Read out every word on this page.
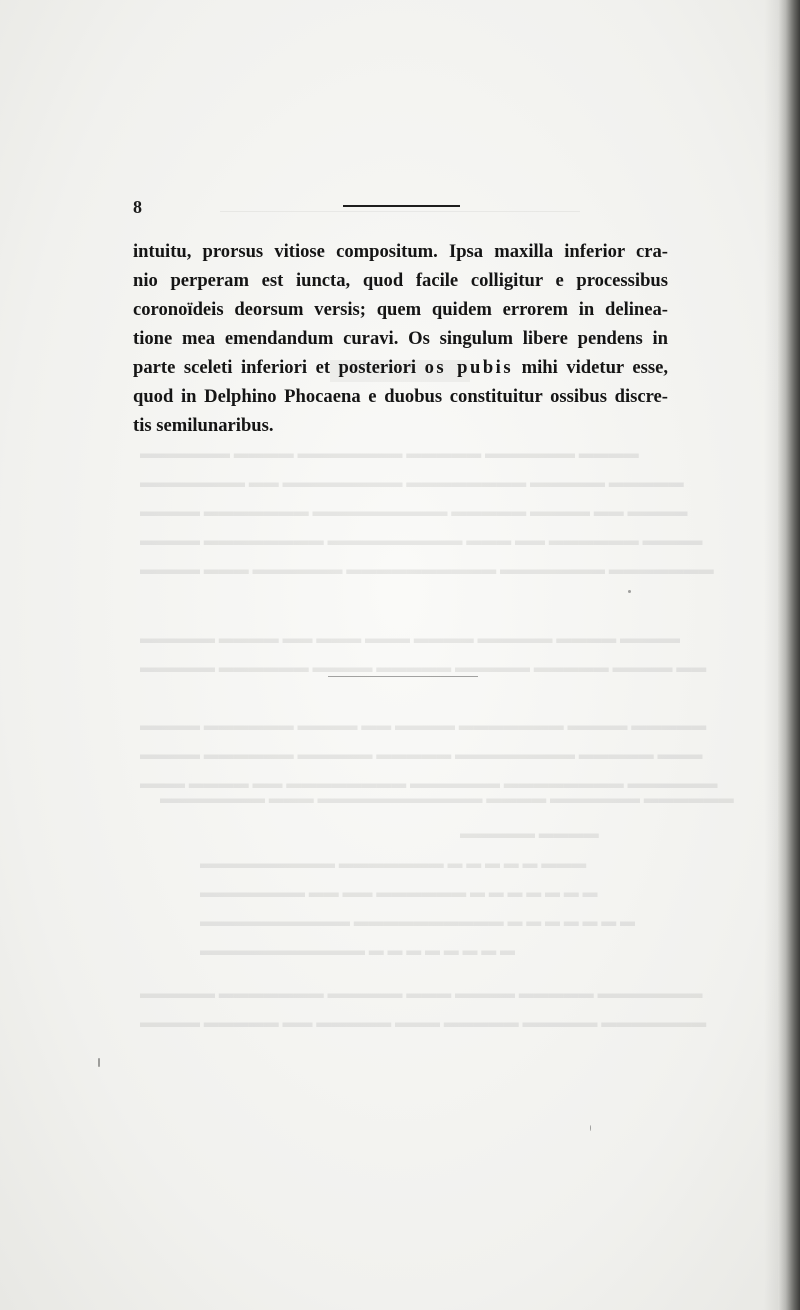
▬▬▬▬ ▬▬▬▬▬▬ ▬▬▬▬▬ ▬▬▬▬▬▬▬ ▬▬▬▬ ▬▬▬▬▬▬
▬▬▬▬▬ ▬▬▬▬▬ ▬▬▬▬▬▬▬▬ ▬▬▬▬▬▬▬▬ ▬▬ ▬▬▬▬▬▬▬
▬▬▬▬ ▬▬ ▬▬▬▬ ▬▬▬▬▬ ▬▬▬▬▬▬▬▬▬ ▬▬▬▬▬▬▬ ▬▬▬▬
▬▬▬▬ ▬▬▬▬▬▬ ▬▬ ▬▬▬ ▬▬▬▬▬▬▬▬▬ ▬▬▬▬▬▬▬▬ ▬▬▬▬
▬▬▬▬▬▬▬ ▬▬▬▬▬▬▬ ▬▬▬▬▬▬▬▬▬▬ ▬▬▬▬▬▬ ▬▬▬ ▬▬▬▬
▬▬▬▬ ▬▬▬▬ ▬▬▬▬▬ ▬▬▬▬ ▬▬▬ ▬▬▬ ▬▬ ▬▬▬▬ ▬▬▬▬▬
▬▬ ▬▬▬▬ ▬▬▬▬▬ ▬▬▬▬▬ ▬▬▬▬▬ ▬▬▬▬ ▬▬▬▬▬▬ ▬▬▬▬▬
▬▬▬▬▬ ▬▬▬▬ ▬▬▬▬▬▬▬ ▬▬▬▬ ▬▬ ▬▬▬▬ ▬▬▬▬▬▬ ▬▬▬▬
▬▬▬ ▬▬▬▬▬ ▬▬▬▬▬▬▬▬ ▬▬▬▬▬ ▬▬▬▬▬ ▬▬▬▬▬▬ ▬▬▬▬
▬▬▬▬▬▬ ▬▬▬▬▬▬▬▬ ▬▬▬▬▬▬ ▬▬▬▬▬▬▬▬ ▬▬ ▬▬▬▬ ▬▬▬
▬▬▬▬▬▬ ▬▬▬▬▬▬ ▬▬▬▬ ▬▬▬▬▬▬▬▬▬▬▬ ▬▬▬ ▬▬▬▬▬▬▬
▬▬▬▬ ▬▬▬▬▬
▬▬▬ ▬ ▬ ▬ ▬ ▬ ▬▬▬▬▬▬▬ ▬▬▬▬▬▬▬▬▬
▬ ▬ ▬ ▬ ▬ ▬ ▬ ▬▬▬▬▬▬ ▬▬ ▬▬ ▬▬▬▬▬▬▬
▬ ▬ ▬ ▬ ▬ ▬ ▬ ▬▬▬▬▬▬▬▬▬▬ ▬▬▬▬▬▬▬▬▬▬
▬ ▬ ▬ ▬ ▬ ▬ ▬ ▬ ▬▬▬▬▬▬▬▬▬▬▬
▬▬▬▬▬▬▬ ▬▬▬▬▬ ▬▬▬▬ ▬▬▬ ▬▬▬▬▬ ▬▬▬▬▬▬▬ ▬▬▬▬▬
▬▬▬▬▬▬▬ ▬▬▬▬▬ ▬▬▬▬▬ ▬▬▬ ▬▬▬▬▬ ▬▬ ▬▬▬▬▬ ▬▬▬▬
8
intuitu, prorsus vitiose compositum. Ipsa maxilla inferior cra-
nio perperam est iuncta, quod facile colligitur e processibus
coronoïdeis deorsum versis; quem quidem errorem in delinea-
tione mea emendandum curavi. Os singulum libere pendens in
parte sceleti inferiori et posteriori os pubis mihi videtur esse,
quod in Delphino Phocaena e duobus constituitur ossibus discre-
tis semilunaribus.
